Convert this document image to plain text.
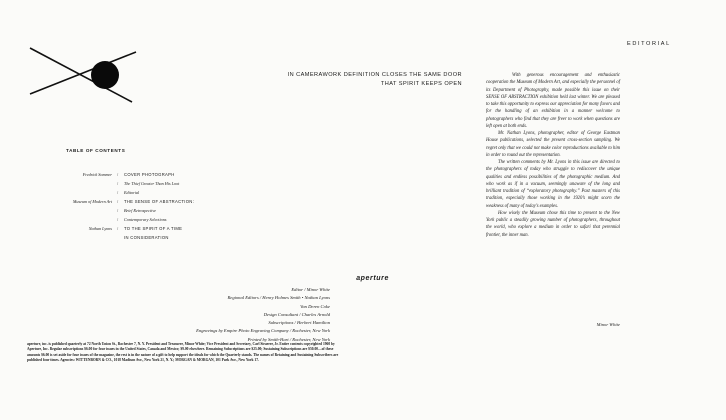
IN CAMERAWORK DEFINITION CLOSES THE SAME DOOR
THAT SPIRIT KEEPS OPEN
TABLE OF CONTENTS
Fredrick Sommer / COVER PHOTOGRAPH
/ The Thief Greater Than His Loot
/ Editorial
Museum of Modern Art / THE SENSE OF ABSTRACTION:
/ Brief Retrospective
/ Contemporary Selections
Nathan Lyons / TO THE SPIRIT OF A TIME
IN CONSIDERATION
aperture
Editor / Minor White
Regional Editors / Henry Holmes Smith • Nathan Lyons
Van Deren Coke
Design Consultant / Charles Arnold
Subscriptions / Herbert Hamilton
Engravings by Empire Photo Engraving Company / Rochester, New York
Printed by Smith-Hart / Rochester, New York
aperture, inc. is published quarterly at 72 North Union St., Rochester 7, N. Y. President and Treasurer, Minor White; Vice President and Secretary, Carl Siraerer, Jr. Entire contents copyrighted 1960 by Aperture, Inc. Regular subscriptions $6.00 for four issues in the United States, Canada and Mexico; $9.00 elsewhere. Remaining Subscriptions are $25.00; Sustaining Subscriptions are $50.00—of these amounts $6.00 is set aside for four issues of the magazine, the rest is in the nature of a gift to help support the ideals for which the Quarterly stands. The names of Retaining and Sustaining Subscribers are published four times. Agencies: WITTENBORN & CO., 1018 Madison Ave., New York 21, N. Y.; MORGAN & MORGAN, 101 Park Ave., New York 17.
EDITORIAL

With generous encouragement and enthusiastic cooperation the Museum of Modern Art, and especially the personnel of its Department of Photography, made possible this issue on their SENSE OF ABSTRACTION exhibition held last winter. We are pleased to take this opportunity to express our appreciation for many favors and for the handling of an exhibition in a manner welcome to photographers who find that they are freer to work when questions are left open at both ends.

Mr. Nathan Lyons, photographer, editor of George Eastman House publications, selected the present cross-section sampling. We regret only that we could not make color reproductions available to him in order to round out the representation.

The written comments by Mr. Lyons in this issue are directed to the photographers of today who struggle to rediscover the unique qualities and endless possibilities of the photographic medium. And who work as if in a vacuum, seemingly unaware of the long and brilliant tradition of “exploratory photography.” Past masters of this tradition, especially those working in the 1920’s might scorn the weakness of many of today’s examples.

How wisely the Museum chose this time to present to the New York public a steadily growing number of photographers, throughout the world, who explore a medium in order to safari that perennial frontier, the inner man.

Minor White
